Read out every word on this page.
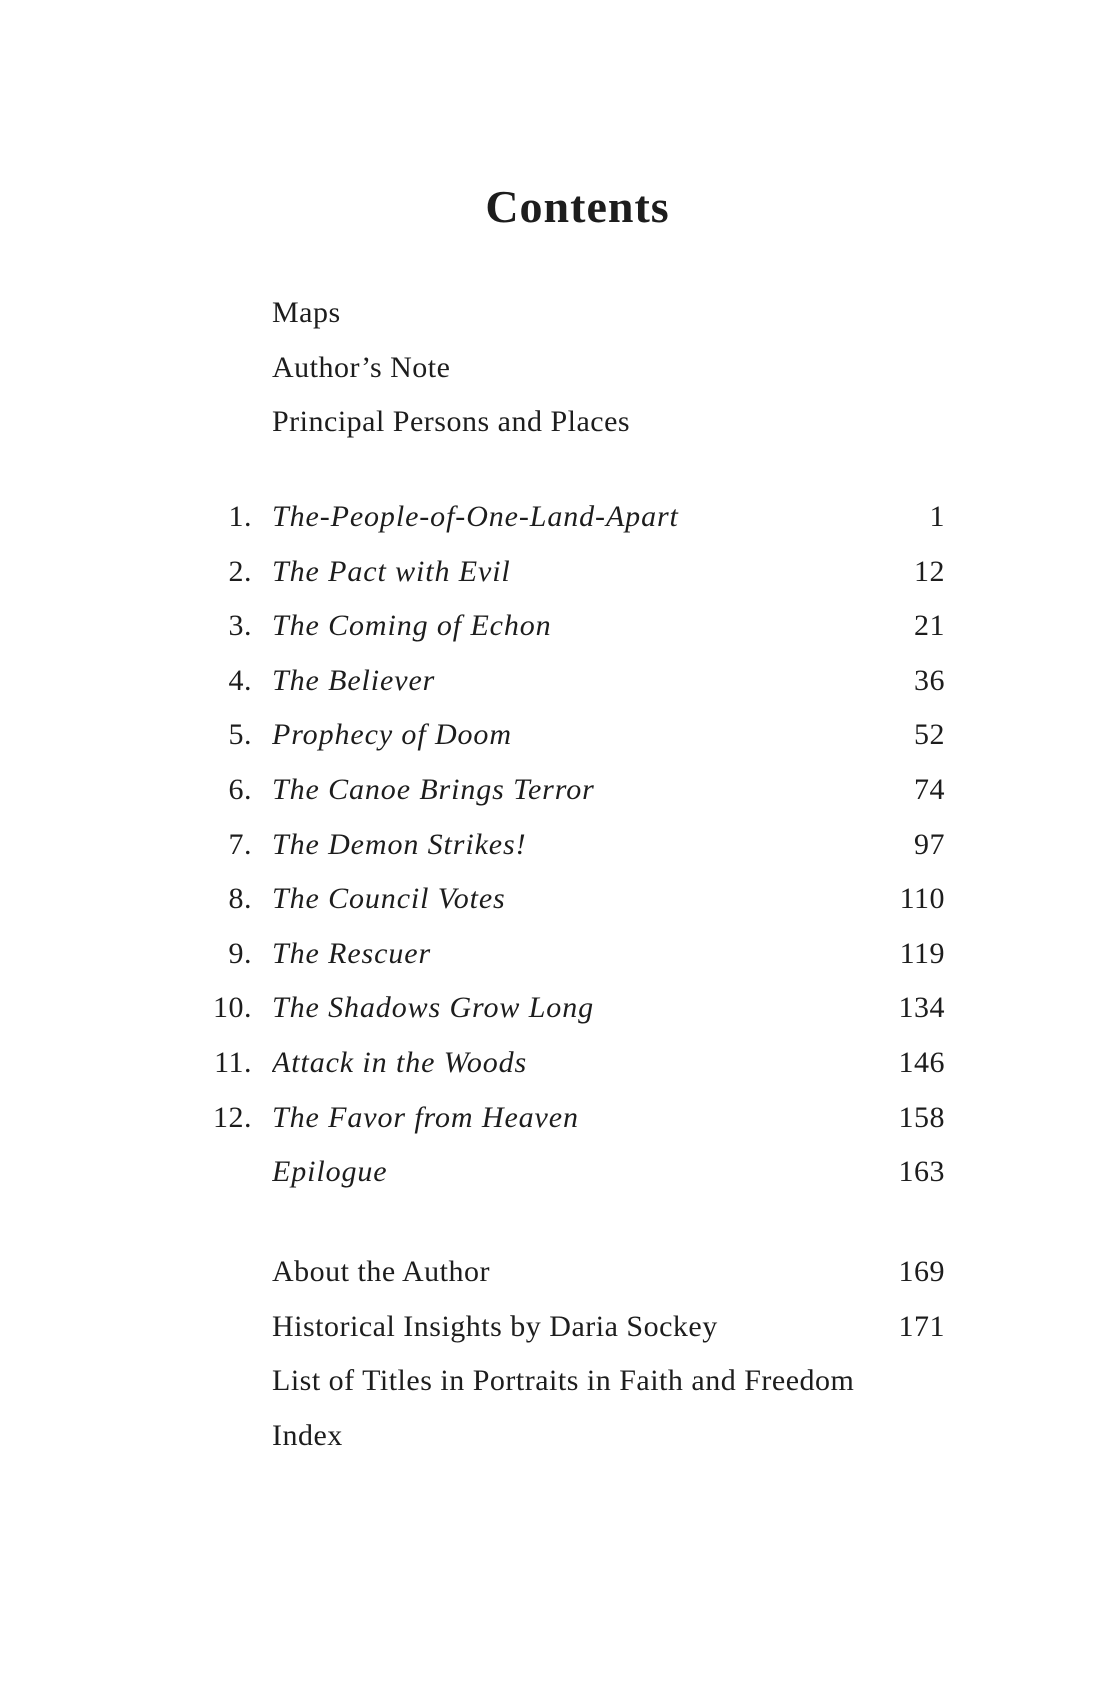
Contents
Maps
Author’s Note
Principal Persons and Places
1. The-People-of-One-Land-Apart	1
2. The Pact with Evil	12
3. The Coming of Echon	21
4. The Believer	36
5. Prophecy of Doom	52
6. The Canoe Brings Terror	74
7. The Demon Strikes!	97
8. The Council Votes	110
9. The Rescuer	119
10. The Shadows Grow Long	134
11. Attack in the Woods	146
12. The Favor from Heaven	158
Epilogue	163
About the Author	169
Historical Insights by Daria Sockey	171
List of Titles in Portraits in Faith and Freedom
Index
